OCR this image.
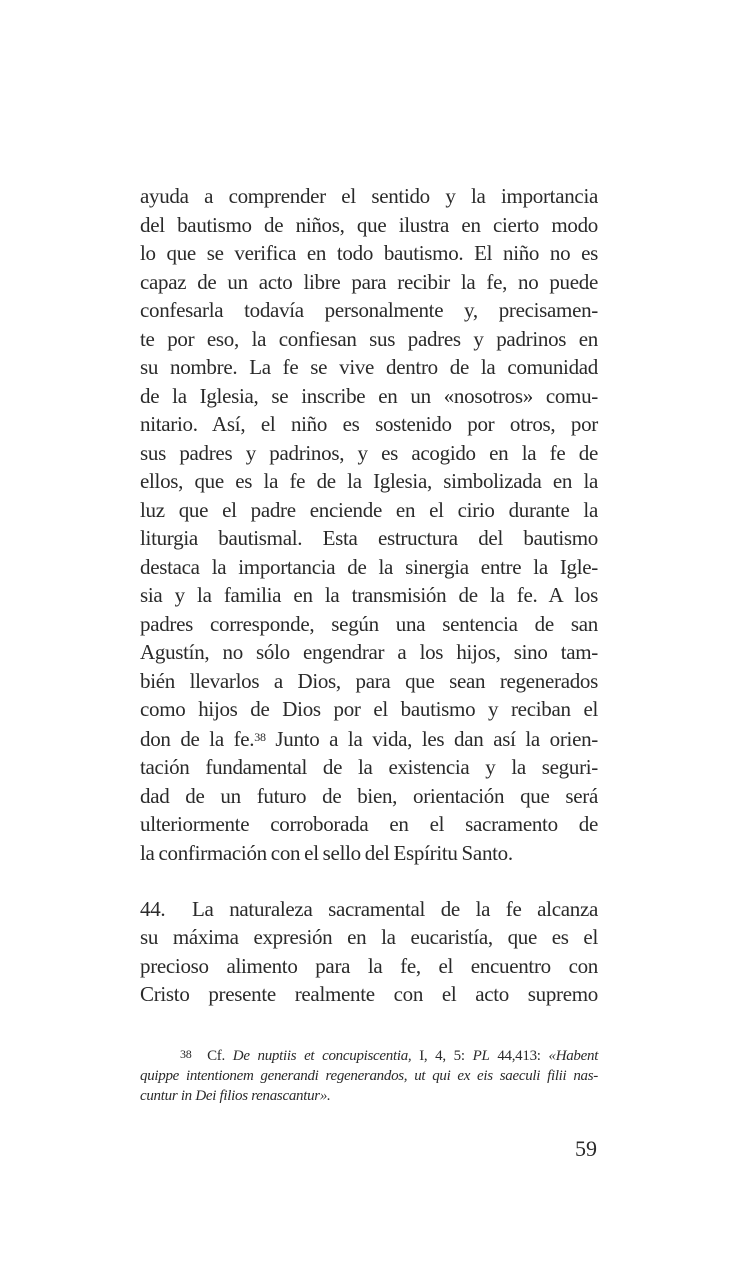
ayuda a comprender el sentido y la importancia
del bautismo de niños, que ilustra en cierto modo
lo que se verifica en todo bautismo. El niño no es
capaz de un acto libre para recibir la fe, no puede
confesarla todavía personalmente y, precisamen-
te por eso, la confiesan sus padres y padrinos en
su nombre. La fe se vive dentro de la comunidad
de la Iglesia, se inscribe en un «nosotros» comu-
nitario. Así, el niño es sostenido por otros, por
sus padres y padrinos, y es acogido en la fe de
ellos, que es la fe de la Iglesia, simbolizada en la
luz que el padre enciende en el cirio durante la
liturgia bautismal. Esta estructura del bautismo
destaca la importancia de la sinergia entre la Igle-
sia y la familia en la transmisión de la fe. A los
padres corresponde, según una sentencia de san
Agustín, no sólo engendrar a los hijos, sino tam-
bién llevarlos a Dios, para que sean regenerados
como hijos de Dios por el bautismo y reciban el
don de la fe.$^{38}$ Junto a la vida, les dan así la orien-
tación fundamental de la existencia y la seguri-
dad de un futuro de bien, orientación que será
ulteriormente corroborada en el sacramento de
la confirmación con el sello del Espíritu Santo.
44. La naturaleza sacramental de la fe alcanza
su máxima expresión en la eucaristía, que es el
precioso alimento para la fe, el encuentro con
Cristo presente realmente con el acto supremo
$^{38}$ Cf. De nuptiis et concupiscentia, I, 4, 5: PL 44,413: «Habent
quippe intentionem generandi regenerandos, ut qui ex eis saeculi filii nas-
cuntur in Dei filios renascantur».
59
